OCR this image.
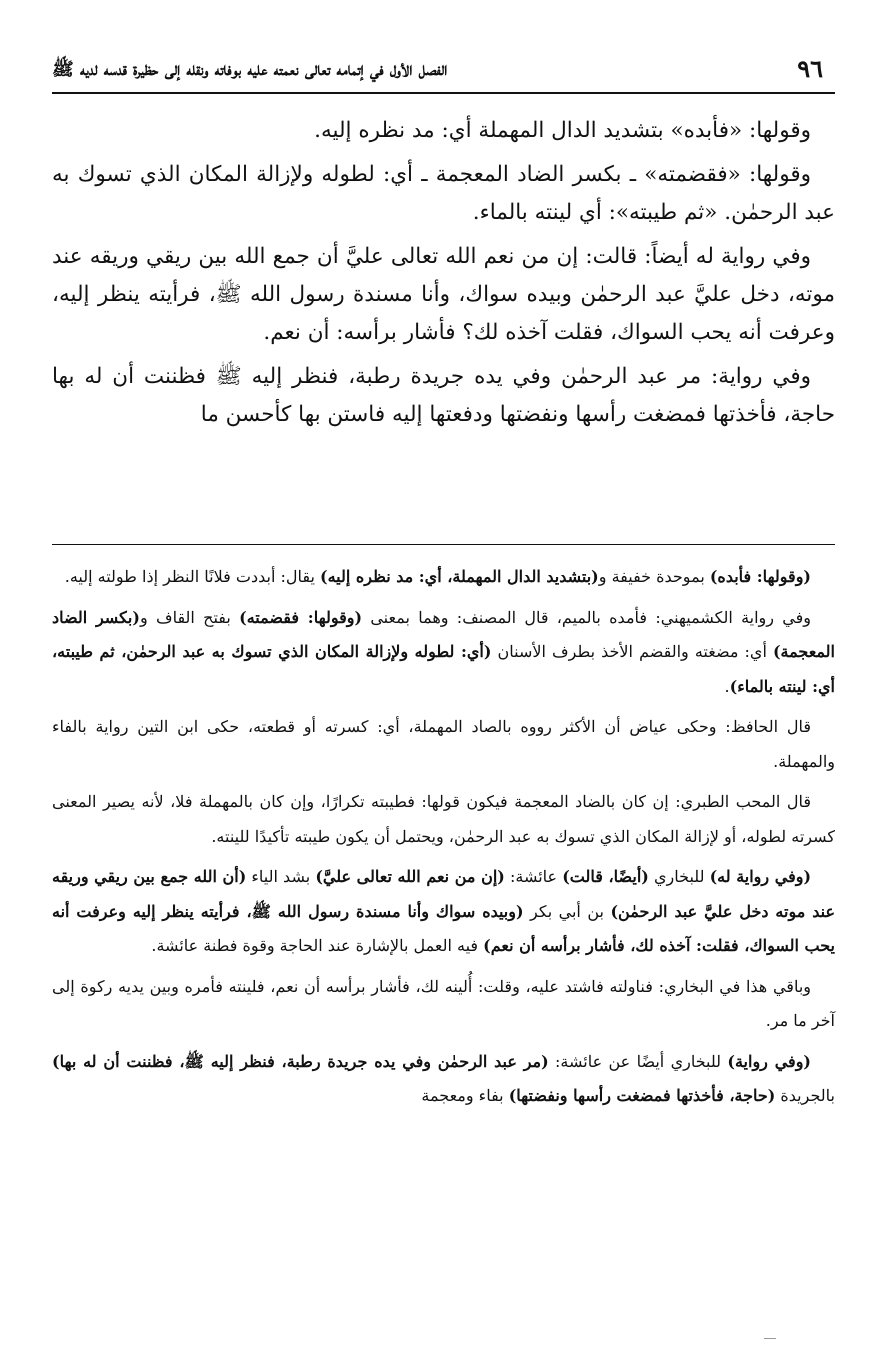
٩٦
الفصل الأول في إتمامه تعالى نعمته عليه بوفاته ونقله إلى حظيرة قدسه لديه ﷺ

وقولها: «فأبده» بتشديد الدال المهملة أي: مد نظره إليه.

وقولها: «فقضمته» ـ بكسر الضاد المعجمة ـ أي: لطوله ولإزالة المكان الذي تسوك به عبد الرحمٰن. «ثم طيبته»: أي لينته بالماء.

وفي رواية له أيضاً: قالت: إن من نعم الله تعالى عليَّ أن جمع الله بين ريقي وريقه عند موته، دخل عليَّ عبد الرحمٰن وبيده سواك، وأنا مسندة رسول الله ﷺ، فرأيته ينظر إليه، وعرفت أنه يحب السواك، فقلت آخذه لك؟ فأشار برأسه: أن نعم.

وفي رواية: مر عبد الرحمٰن وفي يده جريدة رطبة، فنظر إليه ﷺ فظننت أن له بها حاجة، فأخذتها فمضغت رأسها ونفضتها ودفعتها إليه فاستن بها كأحسن ما

(وقولها: فأبده) بموحدة خفيفة و(بتشديد الدال المهملة، أي: مد نظره إليه) يقال: أبددت فلانًا النظر إذا طولته إليه.

وفي رواية الكشميهني: فأمده بالميم، قال المصنف: وهما بمعنى (وقولها: فقضمته) بفتح القاف و(بكسر الضاد المعجمة) أي: مضغته والقضم الأخذ بطرف الأسنان (أي: لطوله ولإزالة المكان الذي تسوك به عبد الرحمٰن، ثم طيبته، أي: لينته بالماء).

قال الحافظ: وحكى عياض أن الأكثر رووه بالصاد المهملة، أي: كسرته أو قطعته، حكى ابن التين رواية بالفاء والمهملة.

قال المحب الطبري: إن كان بالضاد المعجمة فيكون قولها: فطيبته تكرارًا، وإن كان بالمهملة فلا، لأنه يصير المعنى كسرته لطوله، أو لإزالة المكان الذي تسوك به عبد الرحمٰن، ويحتمل أن يكون طيبته تأكيدًا للينته.

(وفي رواية له) للبخاري (أيضًا، قالت) عائشة: (إن من نعم الله تعالى عليَّ) بشد الياء (أن الله جمع بين ريقي وريقه عند موته دخل عليَّ عبد الرحمٰن) بن أبي بكر (وبيده سواك وأنا مسندة رسول الله ﷺ، فرأيته ينظر إليه وعرفت أنه يحب السواك، فقلت: آخذه لك، فأشار برأسه أن نعم) فيه العمل بالإشارة عند الحاجة وقوة فطنة عائشة.

وباقي هذا في البخاري: فناولته فاشتد عليه، وقلت: أُلينه لك، فأشار برأسه أن نعم، فلينته فأمره وبين يديه ركوة إلى آخر ما مر.

(وفي رواية) للبخاري أيضًا عن عائشة: (مر عبد الرحمٰن وفي يده جريدة رطبة، فنظر إليه ﷺ، فظننت أن له بها) بالجريدة (حاجة، فأخذتها فمضغت رأسها ونفضتها) بفاء ومعجمة
